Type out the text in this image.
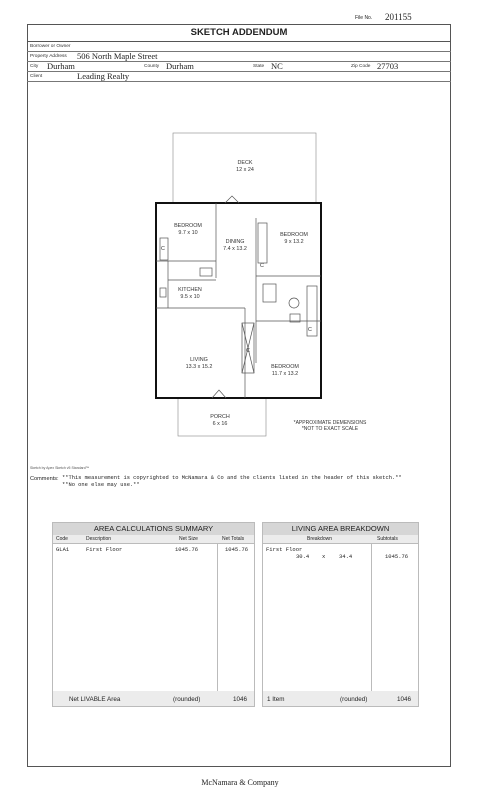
File No. 201155
SKETCH ADDENDUM
Borrower or Owner
Property Address 506 North Maple Street
City Durham	County Durham	State NC	Zip Code 27703
Client	Leading Realty
DECK
12 x 24
BEDROOM
9.7 x 10
DINING
7.4 x 13.2
BEDROOM
9 x 13.2
KITCHEN
9.5 x 10
LIVING
13.3 x 15.2	BEDROOM
11.7 x 13.2
PORCH
6 x 16
C
C
C
C
*APPROXIMATE DEMENSIONS
*NOT TO EXACT SCALE
Sketch by Apex Sketch v5 Standard™
Comments: **This measurement is copyrighted to McNamara & Co and the clients listed in the header of this sketch.**
**No one else may use.**
AREA CALCULATIONS SUMMARY
Code	Description	Net Size	Net Totals
GLA1	First Floor	1045.76	1045.76
Net LIVABLE Area	(rounded)	1046
LIVING AREA BREAKDOWN
Breakdown	Subtotals
First Floor
30.4 x 34.4	1045.76
1 Item	(rounded)	1046
McNamara & Company
